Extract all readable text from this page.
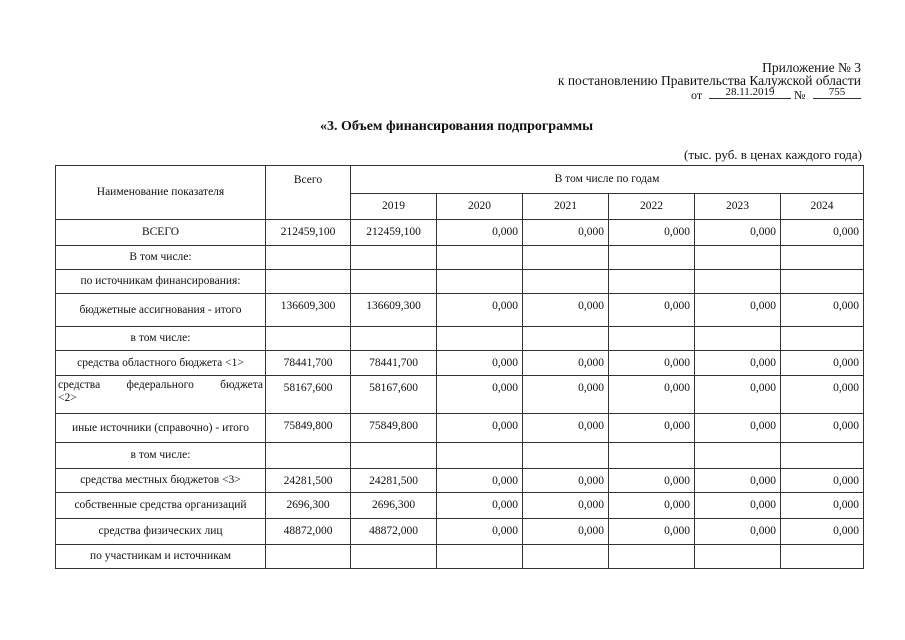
Приложение № 3
к постановлению Правительства Калужской области
от	28.11.2019	№	755
«3. Объем финансирования подпрограммы
(тыс. руб. в ценах каждого года)
Наименование показателя	Всего	В том числе по годам					
		2019	2020	2021	2022	2023	2024
ВСЕГО	212459,100	212459,100	0,000	0,000	0,000	0,000	0,000
В том числе:							
по источникам финансирования:							
бюджетные ассигнования - итого	136609,300	136609,300	0,000	0,000	0,000	0,000	0,000
в том числе:							
средства областного бюджета <1>	78441,700	78441,700	0,000	0,000	0,000	0,000	0,000

средства федерального бюджета
<2>	58167,600	58167,600	0,000	0,000	0,000	0,000	0,000
иные источники (справочно) - итого	75849,800	75849,800	0,000	0,000	0,000	0,000	0,000
в том числе:							
средства местных бюджетов <3>	24281,500	24281,500	0,000	0,000	0,000	0,000	0,000
собственные средства организаций	2696,300	2696,300	0,000	0,000	0,000	0,000	0,000
средства физических лиц	48872,000	48872,000	0,000	0,000	0,000	0,000	0,000
по участникам и источникам							
